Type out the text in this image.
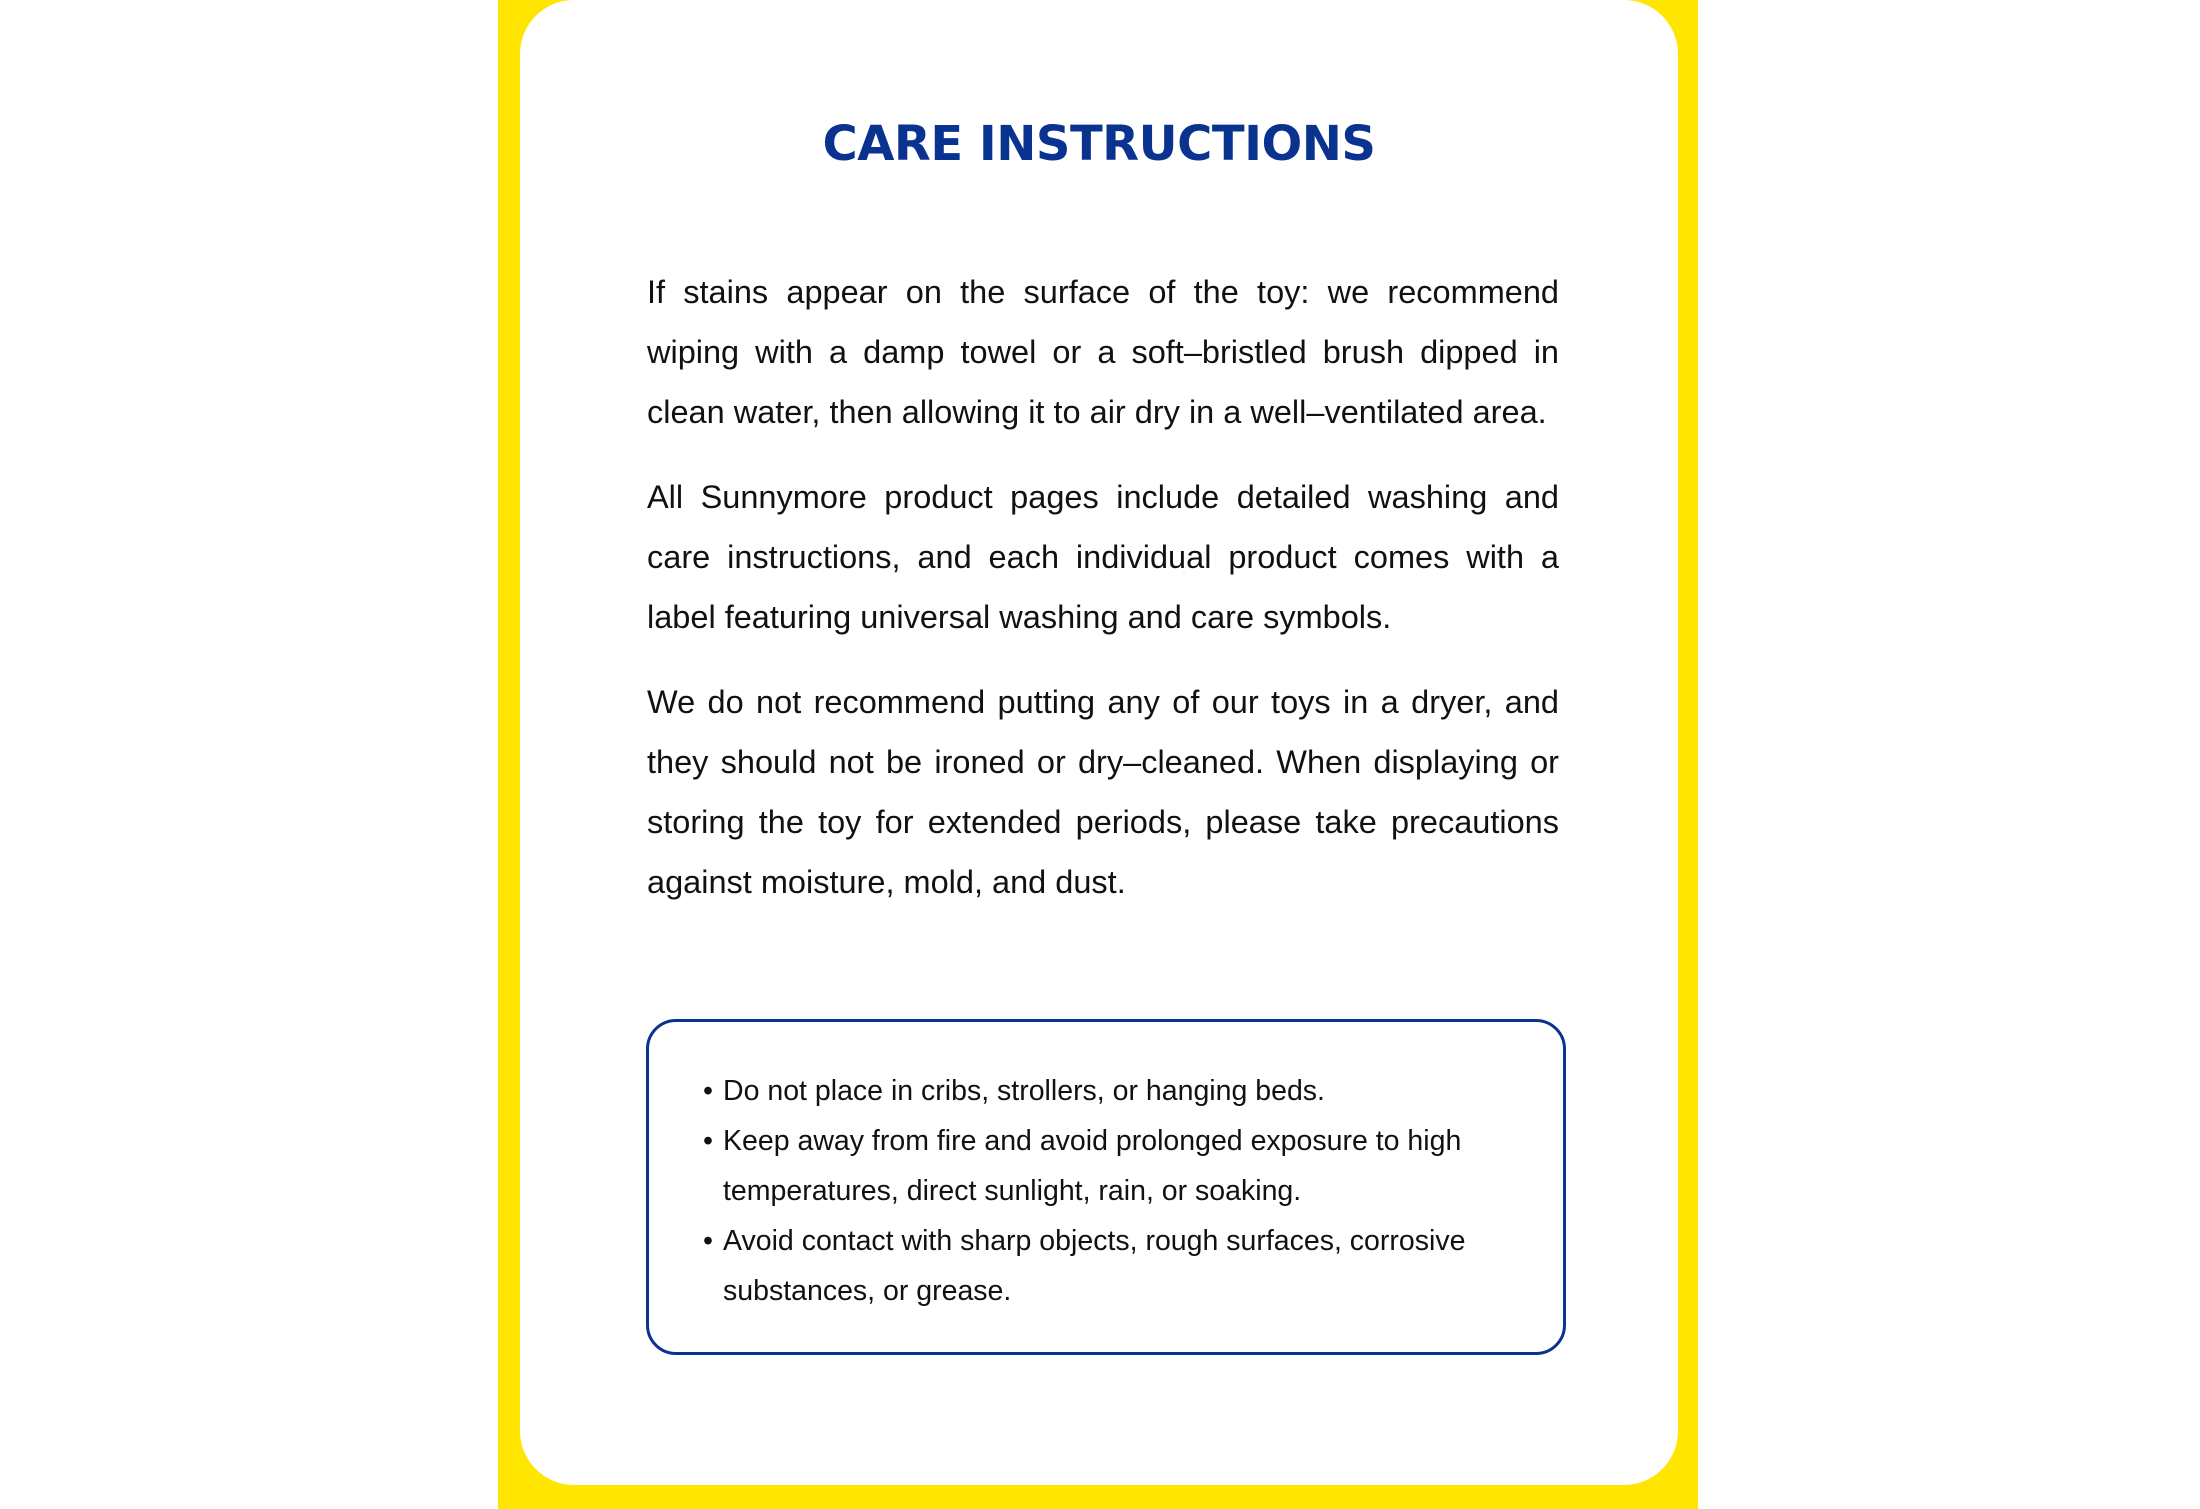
CARE INSTRUCTIONS

If stains appear on the surface of the toy: we recommend wiping with a damp towel or a soft–bristled brush dipped in clean water, then allowing it to air dry in a well–ventilated area.

All Sunnymore product pages include detailed washing and care instructions, and each individual product comes with a label featuring universal washing and care symbols.

We do not recommend putting any of our toys in a dryer, and they should not be ironed or dry–cleaned. When displaying or storing the toy for extended periods, please take precautions against moisture, mold, and dust.

• Do not place in cribs, strollers, or hanging beds.
• Keep away from fire and avoid prolonged exposure to high temperatures, direct sunlight, rain, or soaking.
• Avoid contact with sharp objects, rough surfaces, corrosive substances, or grease.
